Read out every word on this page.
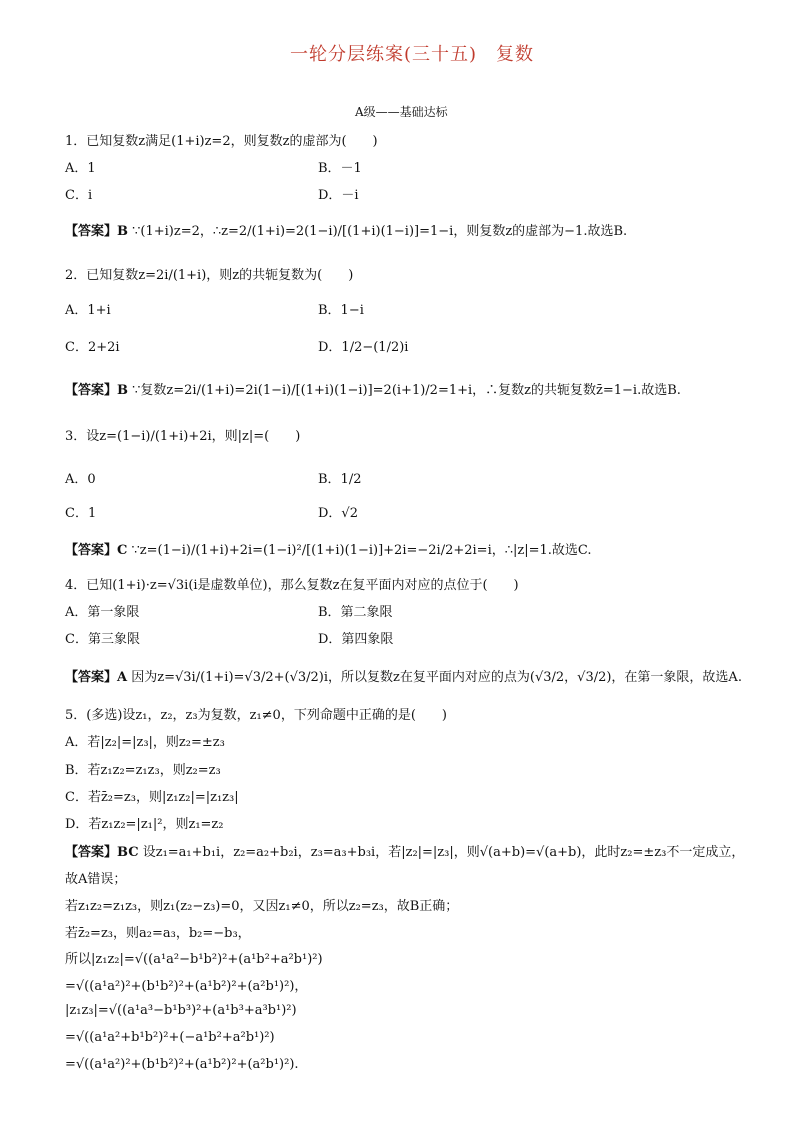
一轮分层练案(三十五)　复数
A级——基础达标
1．已知复数z满足(1+i)z=2，则复数z的虚部为(　　)
A．1	B．－1
C．i	D．－i
【答案】B ∵(1+i)z=2，∴z=2/(1+i)=2(1−i)/[(1+i)(1−i)]=1−i，则复数z的虚部为−1.故选B.
2．已知复数z=2i/(1+i)，则z的共轭复数为(　　)
A．1+i	B．1−i
C．2+2i	D．1/2−(1/2)i
【答案】B ∵复数z=2i/(1+i)=2i(1−i)/[(1+i)(1−i)]=2(i+1)/2=1+i，∴复数z的共轭复数z̄=1−i.故选B.
3．设z=(1−i)/(1+i)+2i，则|z|=(　　)
A．0	B．1/2
C．1	D．√2
【答案】C ∵z=(1−i)/(1+i)+2i=(1−i)²/[(1+i)(1−i)]+2i=−2i/2+2i=i，∴|z|=1.故选C.
4．已知(1+i)·z=√3i(i是虚数单位)，那么复数z在复平面内对应的点位于(　　)
A．第一象限	B．第二象限
C．第三象限	D．第四象限
【答案】A 因为z=√3i/(1+i)=√3/2+(√3/2)i，所以复数z在复平面内对应的点为(√3/2，√3/2)，在第一象限，故选A.
5．(多选)设z₁，z₂，z₃为复数，z₁≠0，下列命题中正确的是(　　)
A．若|z₂|=|z₃|，则z₂=±z₃
B．若z₁z₂=z₁z₃，则z₂=z₃
C．若z̄₂=z₃，则|z₁z₂|=|z₁z₃|
D．若z₁z₂=|z₁|²，则z₁=z₂
【答案】BC 设z₁=a₁+b₁i，z₂=a₂+b₂i，z₃=a₃+b₃i，若|z₂|=|z₃|，则√(a+b)=√(a+b)，此时z₂=±z₃不一定成立，
故A错误；
若z₁z₂=z₁z₃，则z₁(z₂−z₃)=0，又因z₁≠0，所以z₂=z₃，故B正确；
若z̄₂=z₃，则a₂=a₃，b₂=−b₃，
所以|z₁z₂|=√((a¹a²−b¹b²)²+(a¹b²+a²b¹)²)
=√((a¹a²)²+(b¹b²)²+(a¹b²)²+(a²b¹)²)，
|z₁z₃|=√((a¹a³−b¹b³)²+(a¹b³+a³b¹)²)
=√((a¹a²+b¹b²)²+(−a¹b²+a²b¹)²)
=√((a¹a²)²+(b¹b²)²+(a¹b²)²+(a²b¹)²).
